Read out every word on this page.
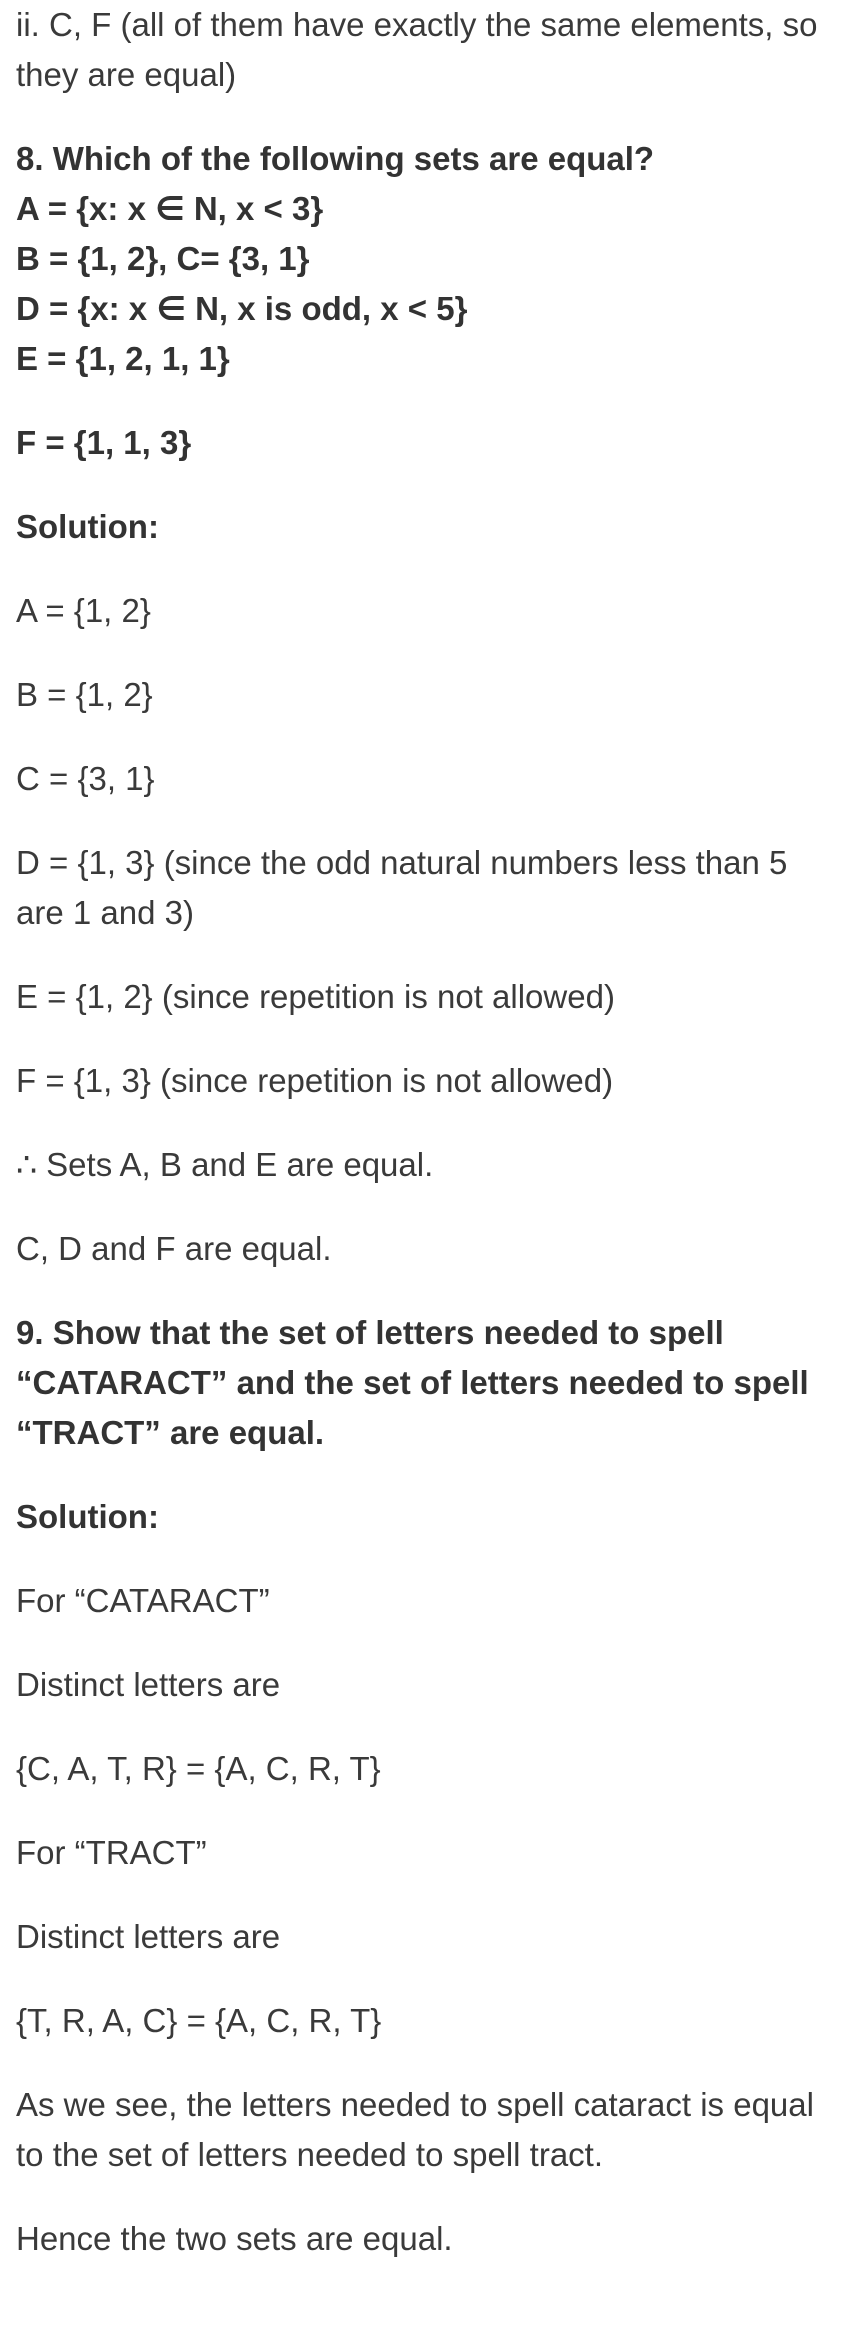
ii. C, F (all of them have exactly the same elements, so

they are equal)

8. Which of the following sets are equal?

A = {x: x ∈ N, x < 3}

B = {1, 2}, C= {3, 1}

D = {x: x ∈ N, x is odd, x < 5}

E = {1, 2, 1, 1}

F = {1, 1, 3}

Solution:

A = {1, 2}

B = {1, 2}

C = {3, 1}

D = {1, 3} (since the odd natural numbers less than 5

are 1 and 3)

E = {1, 2} (since repetition is not allowed)

F = {1, 3} (since repetition is not allowed)

∴ Sets A, B and E are equal.

C, D and F are equal.

9. Show that the set of letters needed to spell

“CATARACT” and the set of letters needed to spell

“TRACT” are equal.

Solution:

For “CATARACT”

Distinct letters are

{C, A, T, R} = {A, C, R, T}

For “TRACT”

Distinct letters are

{T, R, A, C} = {A, C, R, T}

As we see, the letters needed to spell cataract is equal

to the set of letters needed to spell tract.

Hence the two sets are equal.
